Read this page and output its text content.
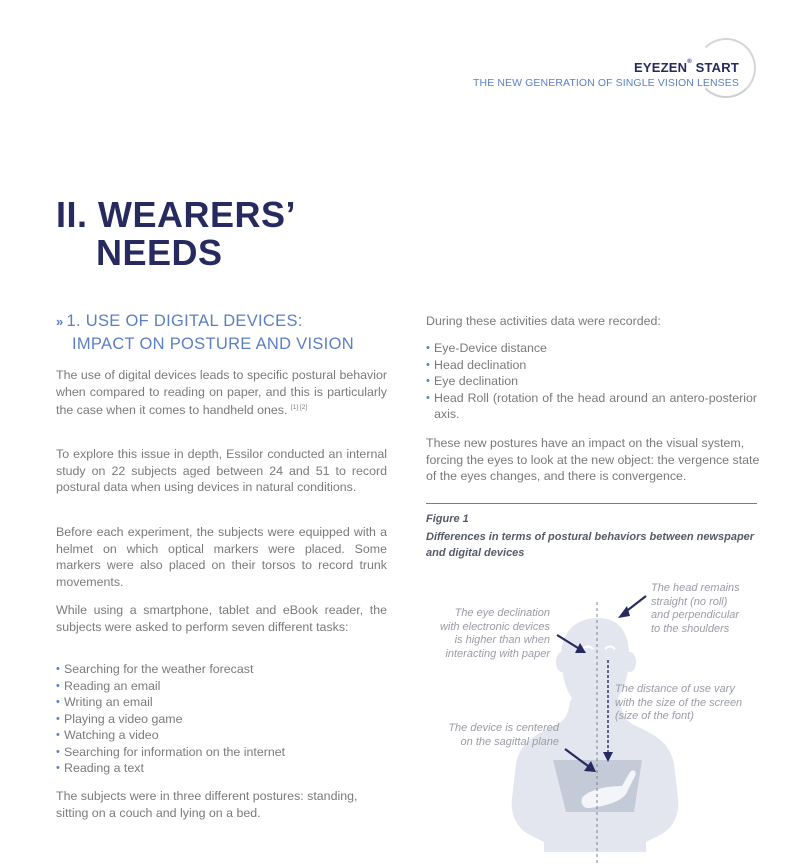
EYEZEN® START
THE NEW GENERATION OF SINGLE VISION LENSES
II. WEARERS’
NEEDS
» 1. USE OF DIGITAL DEVICES:
IMPACT ON POSTURE AND VISION
The use of digital devices leads to specific postural behavior when compared to reading on paper, and this is particularly the case when it comes to handheld ones. [1] [2]
To explore this issue in depth, Essilor conducted an internal study on 22 subjects aged between 24 and 51 to record postural data when using devices in natural conditions.
Before each experiment, the subjects were equipped with a helmet on which optical markers were placed. Some markers were also placed on their torsos to record trunk movements.
While using a smartphone, tablet and eBook reader, the subjects were asked to perform seven different tasks:
• Searching for the weather forecast
• Reading an email
• Writing an email
• Playing a video game
• Watching a video
• Searching for information on the internet
• Reading a text
The subjects were in three different postures: standing, sitting on a couch and lying on a bed.
During these activities data were recorded:
• Eye-Device distance
• Head declination
• Eye declination
• Head Roll (rotation of the head around an antero-posterior axis.
These new postures have an impact on the visual system, forcing the eyes to look at the new object: the vergence state of the eyes changes, and there is convergence.
Figure 1
Differences in terms of postural behaviors between newspaper and digital devices
The head remains
straight (no roll)
and perpendicular
to the shoulders
The eye declination
with electronic devices
is higher than when
interacting with paper
The distance of use vary
with the size of the screen
(size of the font)
The device is centered
on the sagittal plane
